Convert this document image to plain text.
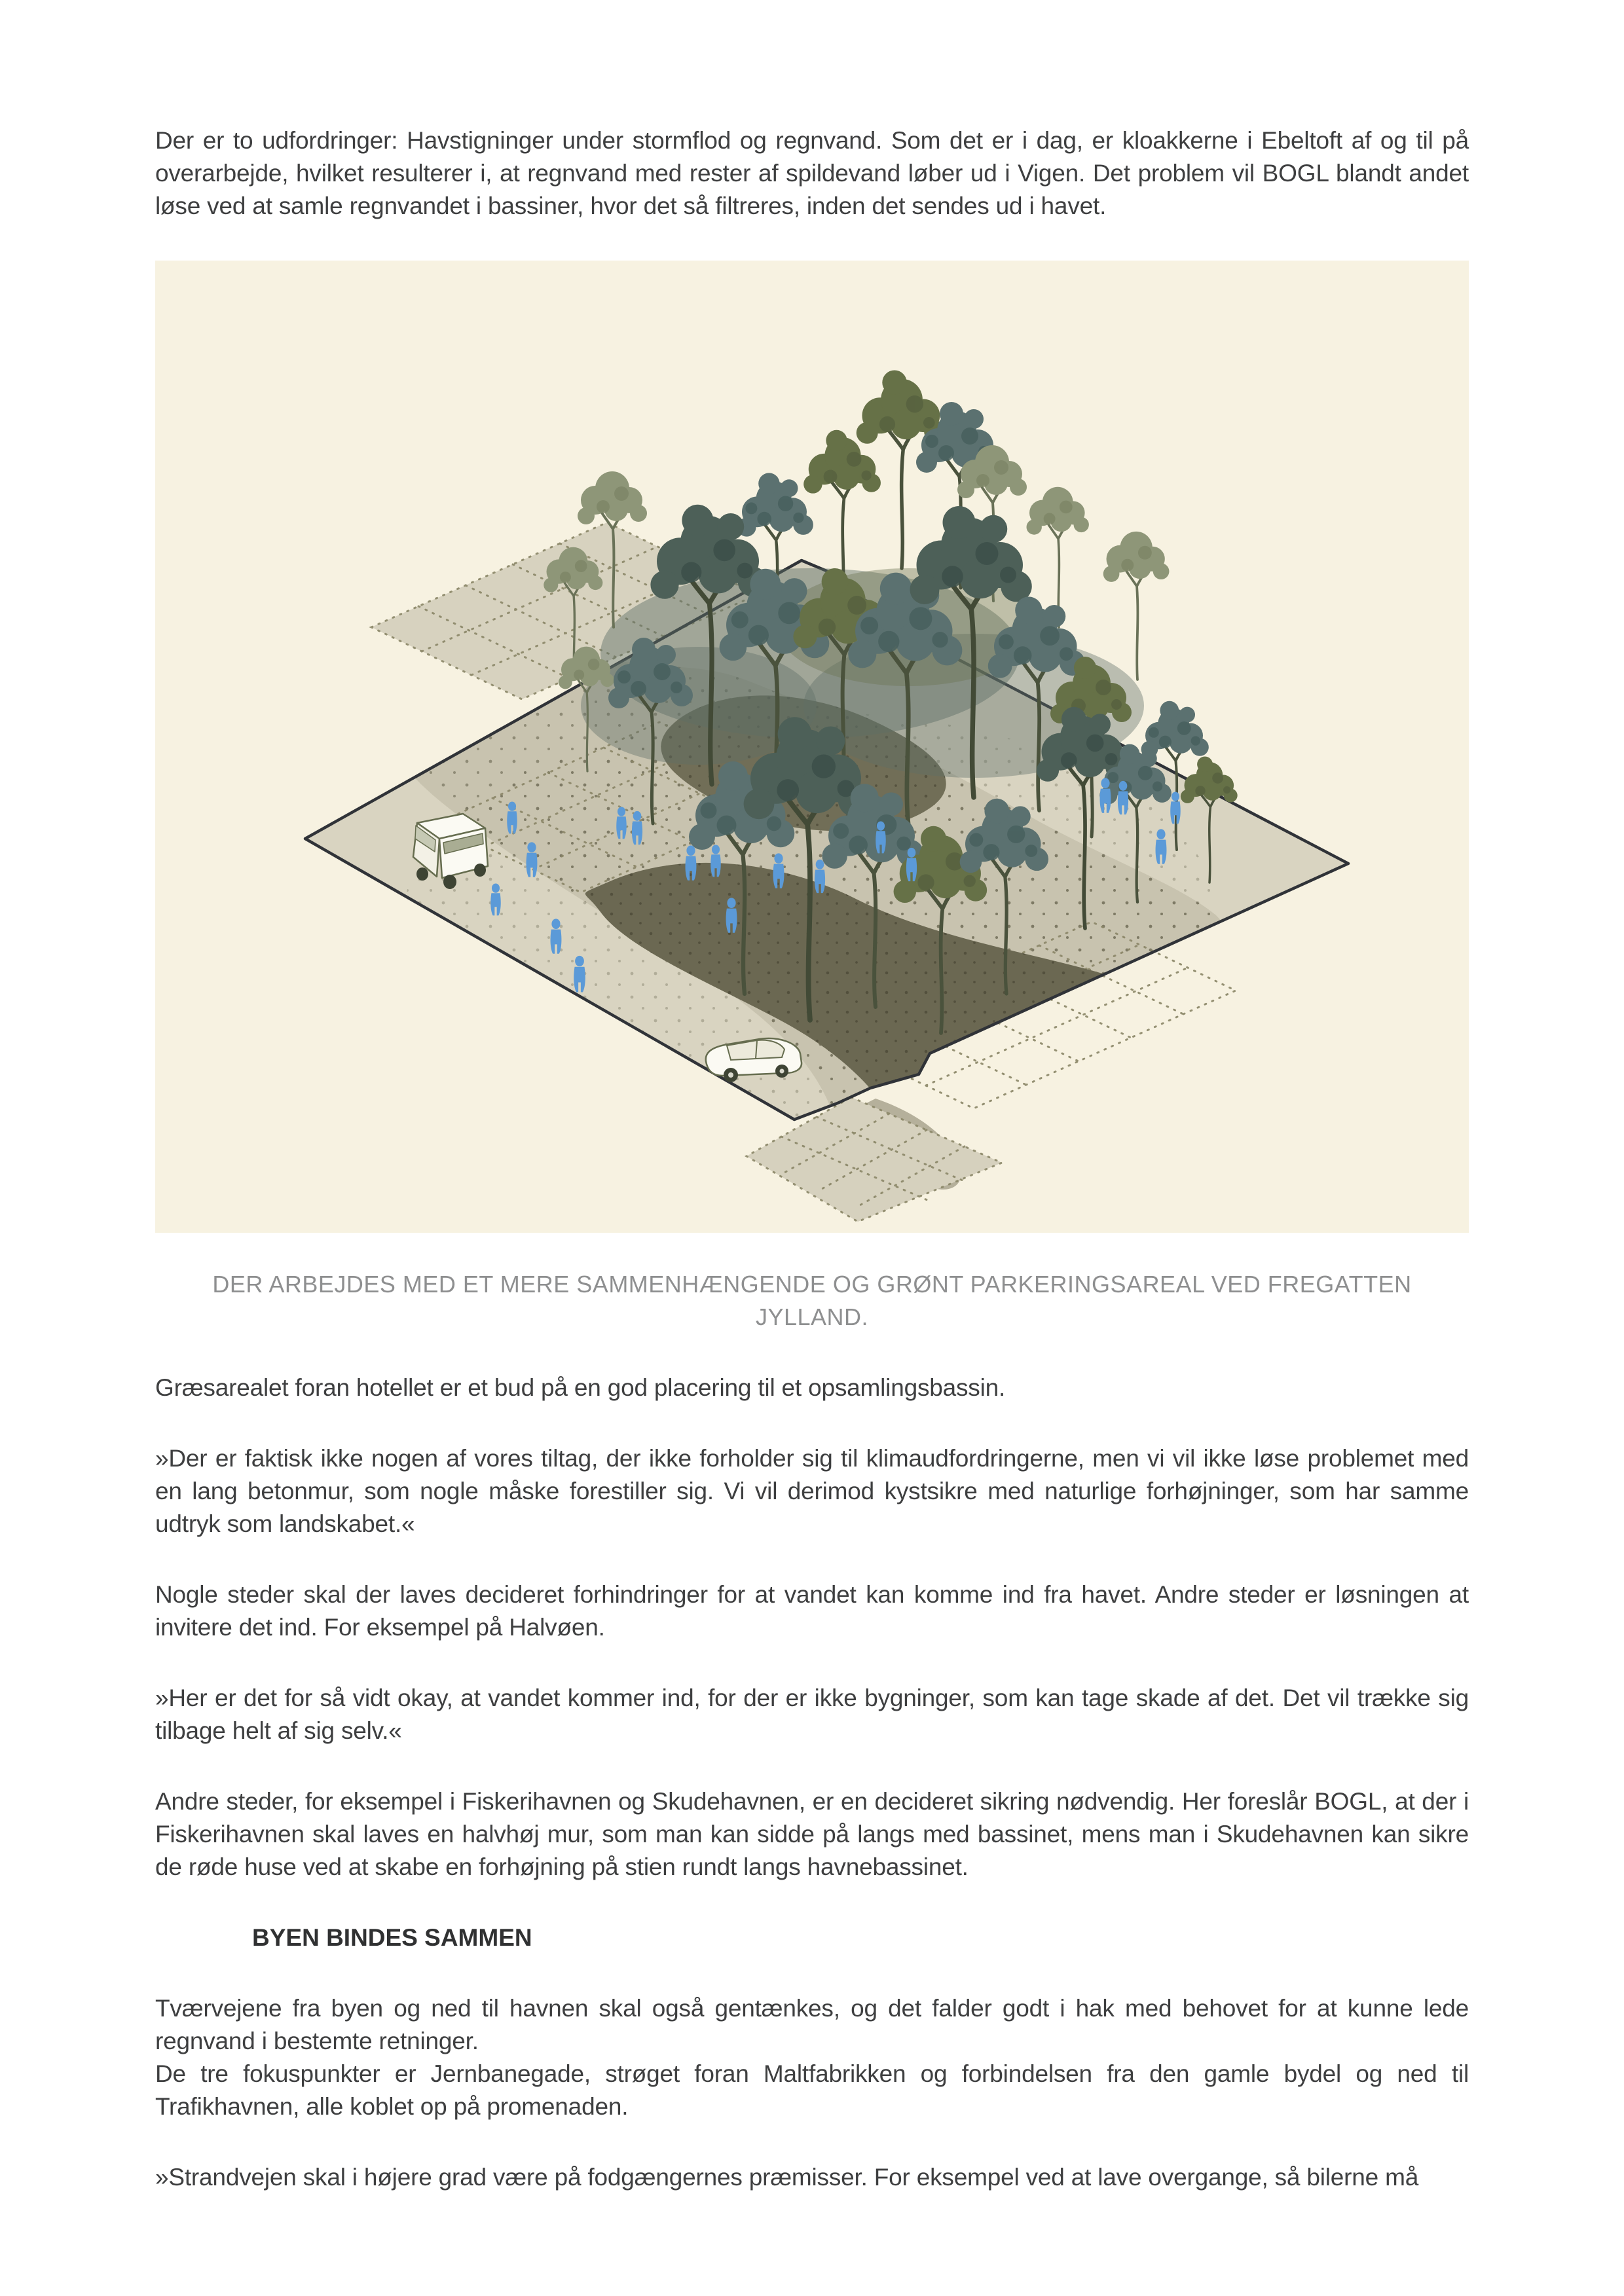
Der er to udfordringer: Havstigninger under stormflod og regnvand. Som det er i dag, er kloakkerne i Ebeltoft af og til på overarbejde, hvilket resulterer i, at regnvand med rester af spildevand løber ud i Vigen. Det problem vil BOGL blandt andet løse ved at samle regnvandet i bassiner, hvor det så filtreres, inden det sendes ud i havet.

DER ARBEJDES MED ET MERE SAMMENHÆNGENDE OG GRØNT PARKERINGSAREAL VED FREGATTEN JYLLAND.

Græsarealet foran hotellet er et bud på en god placering til et opsamlingsbassin.

»Der er faktisk ikke nogen af vores tiltag, der ikke forholder sig til klimaudfordringerne, men vi vil ikke løse problemet med en lang betonmur, som nogle måske forestiller sig. Vi vil derimod kystsikre med naturlige forhøjninger, som har samme udtryk som landskabet.«

Nogle steder skal der laves decideret forhindringer for at vandet kan komme ind fra havet. Andre steder er løsningen at invitere det ind. For eksempel på Halvøen.

»Her er det for så vidt okay, at vandet kommer ind, for der er ikke bygninger, som kan tage skade af det. Det vil trække sig tilbage helt af sig selv.«

Andre steder, for eksempel i Fiskerihavnen og Skudehavnen, er en decideret sikring nødvendig. Her foreslår BOGL, at der i Fiskerihavnen skal laves en halvhøj mur, som man kan sidde på langs med bassinet, mens man i Skudehavnen kan sikre de røde huse ved at skabe en forhøjning på stien rundt langs havnebassinet.

BYEN BINDES SAMMEN

Tværvejene fra byen og ned til havnen skal også gentænkes, og det falder godt i hak med behovet for at kunne lede regnvand i bestemte retninger.

De tre fokuspunkter er Jernbanegade, strøget foran Maltfabrikken og forbindelsen fra den gamle bydel og ned til Trafikhavnen, alle koblet op på promenaden.

»Strandvejen skal i højere grad være på fodgængernes præmisser. For eksempel ved at lave overgange, så bilerne må
